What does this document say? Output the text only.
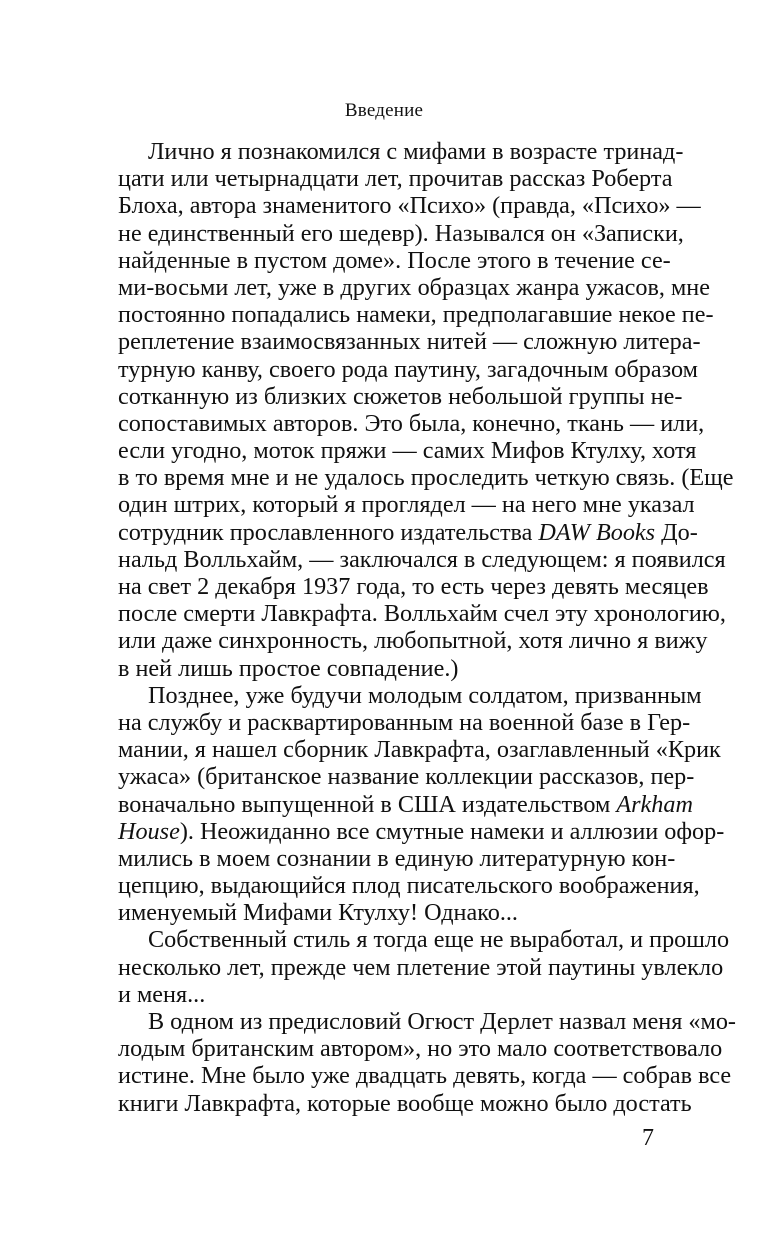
Введение

Лично я познакомился с мифами в возрасте тринад-
цати или четырнадцати лет, прочитав рассказ Роберта
Блоха, автора знаменитого «Психо» (правда, «Психо» —
не единственный его шедевр). Назывался он «Записки,
найденные в пустом доме». После этого в течение се-
ми-восьми лет, уже в других образцах жанра ужасов, мне
постоянно попадались намеки, предполагавшие некое пе-
реплетение взаимосвязанных нитей — сложную литера-
турную канву, своего рода паутину, загадочным образом
сотканную из близких сюжетов небольшой группы не-
сопоставимых авторов. Это была, конечно, ткань — или,
если угодно, моток пряжи — самих Мифов Ктулху, хотя
в то время мне и не удалось проследить четкую связь. (Еще
один штрих, который я проглядел — на него мне указал
сотрудник прославленного издательства DAW Books До-
нальд Волльхайм, — заключался в следующем: я появился
на свет 2 декабря 1937 года, то есть через девять месяцев
после смерти Лавкрафта. Волльхайм счел эту хронологию,
или даже синхронность, любопытной, хотя лично я вижу
в ней лишь простое совпадение.)

Позднее, уже будучи молодым солдатом, призванным
на службу и расквартированным на военной базе в Гер-
мании, я нашел сборник Лавкрафта, озаглавленный «Крик
ужаса» (британское название коллекции рассказов, пер-
воначально выпущенной в США издательством Arkham
House). Неожиданно все смутные намеки и аллюзии офор-
мились в моем сознании в единую литературную кон-
цепцию, выдающийся плод писательского воображения,
именуемый Мифами Ктулху! Однако...

Собственный стиль я тогда еще не выработал, и прошло
несколько лет, прежде чем плетение этой паутины увлекло
и меня...

В одном из предисловий Огюст Дерлет назвал меня «мо-
лодым британским автором», но это мало соответствовало
истине. Мне было уже двадцать девять, когда — собрав все
книги Лавкрафта, которые вообще можно было достать

7
